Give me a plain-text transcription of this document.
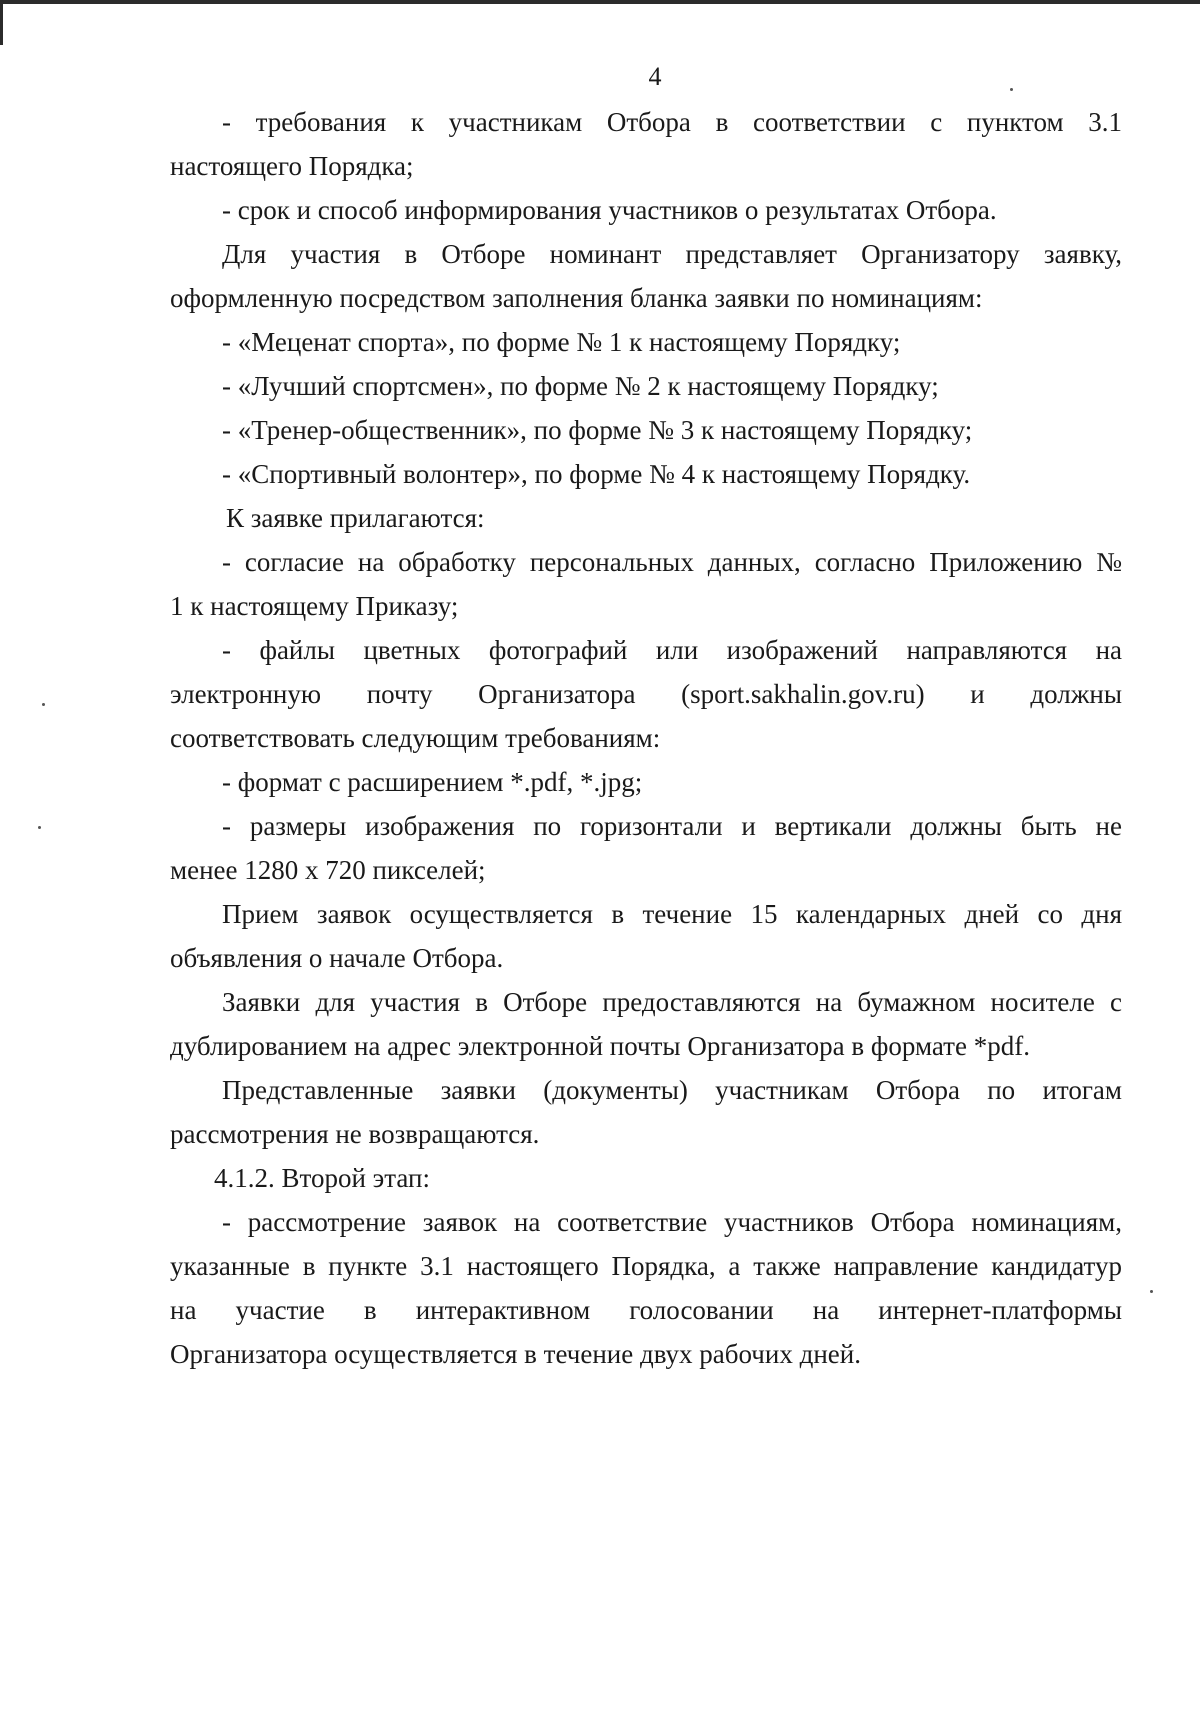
4
- требования к участникам Отбора в соответствии с пунктом 3.1
настоящего Порядка;
- срок и способ информирования участников о результатах Отбора.
Для участия в Отборе номинант представляет Организатору заявку,
оформленную посредством заполнения бланка заявки по номинациям:
- «Меценат спорта», по форме № 1 к настоящему Порядку;
- «Лучший спортсмен», по форме № 2 к настоящему Порядку;
- «Тренер-общественник», по форме № 3 к настоящему Порядку;
- «Спортивный волонтер», по форме № 4 к настоящему Порядку.
К заявке прилагаются:
- согласие на обработку персональных данных, согласно Приложению №
1 к настоящему Приказу;
- файлы цветных фотографий или изображений направляются на
электронную почту Организатора (sport.sakhalin.gov.ru) и должны
соответствовать следующим требованиям:
- формат с расширением *.pdf, *.jpg;
- размеры изображения по горизонтали и вертикали должны быть не
менее 1280 х 720 пикселей;
Прием заявок осуществляется в течение 15 календарных дней со дня
объявления о начале Отбора.
Заявки для участия в Отборе предоставляются на бумажном носителе с
дублированием на адрес электронной почты Организатора в формате *pdf.
Представленные заявки (документы) участникам Отбора по итогам
рассмотрения не возвращаются.
4.1.2. Второй этап:
- рассмотрение заявок на соответствие участников Отбора номинациям,
указанные в пункте 3.1 настоящего Порядка, а также направление кандидатур
на участие в интерактивном голосовании на интернет-платформы
Организатора осуществляется в течение двух рабочих дней.
